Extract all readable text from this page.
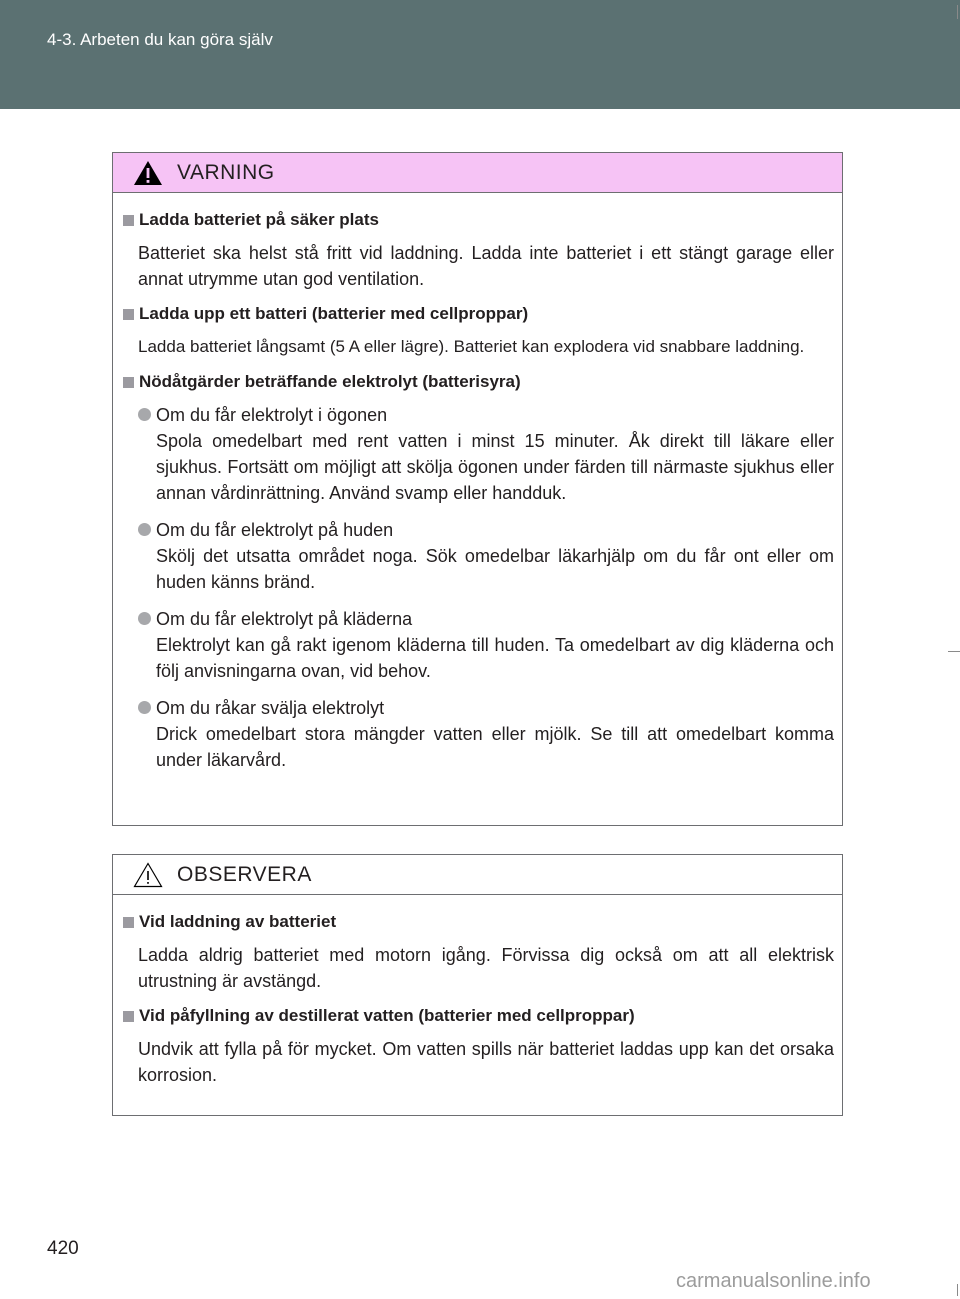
4-3. Arbeten du kan göra själv
VARNING
Ladda batteriet på säker plats
Batteriet ska helst stå fritt vid laddning. Ladda inte batteriet i ett stängt garage eller annat utrymme utan god ventilation.
Ladda upp ett batteri (batterier med cellproppar)
Ladda batteriet långsamt (5 A eller lägre). Batteriet kan explodera vid snabbare laddning.
Nödåtgärder beträffande elektrolyt (batterisyra)
Om du får elektrolyt i ögonen
Spola omedelbart med rent vatten i minst 15 minuter. Åk direkt till läkare eller sjukhus. Fortsätt om möjligt att skölja ögonen under färden till närmaste sjukhus eller annan vårdinrättning. Använd svamp eller handduk.
Om du får elektrolyt på huden
Skölj det utsatta området noga. Sök omedelbar läkarhjälp om du får ont eller om huden känns bränd.
Om du får elektrolyt på kläderna
Elektrolyt kan gå rakt igenom kläderna till huden. Ta omedelbart av dig kläderna och följ anvisningarna ovan, vid behov.
Om du råkar svälja elektrolyt
Drick omedelbart stora mängder vatten eller mjölk. Se till att omedelbart komma under läkarvård.
OBSERVERA
Vid laddning av batteriet
Ladda aldrig batteriet med motorn igång. Förvissa dig också om att all elektrisk utrustning är avstängd.
Vid påfyllning av destillerat vatten (batterier med cellproppar)
Undvik att fylla på för mycket. Om vatten spills när batteriet laddas upp kan det orsaka korrosion.
420
carmanualsonline.info
